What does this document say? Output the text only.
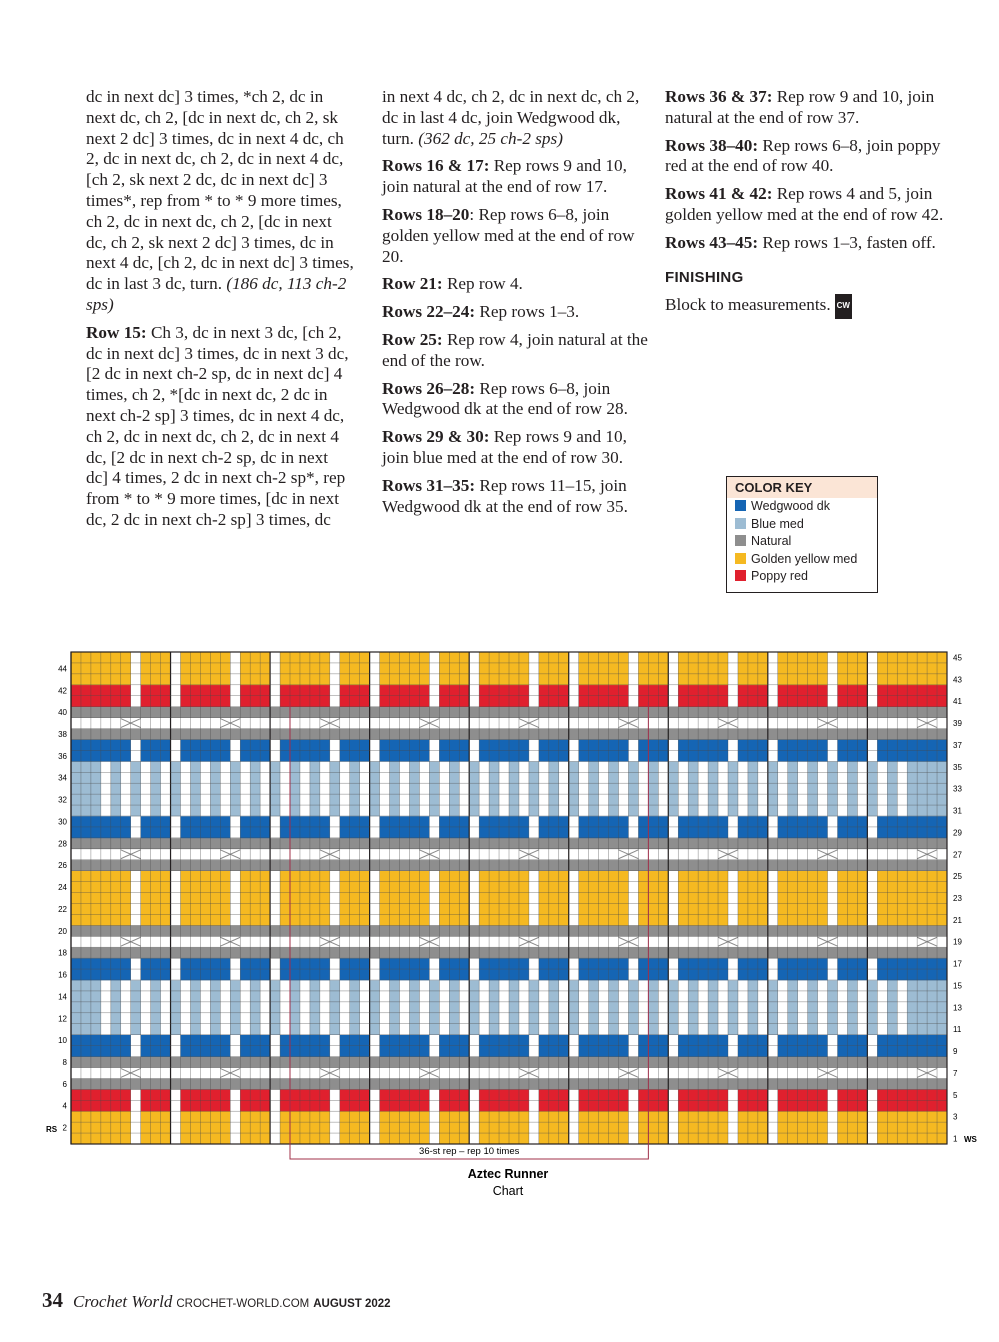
dc in next dc] 3 times, *ch 2, dc in next dc, ch 2, [dc in next dc, ch 2, sk next 2 dc] 3 times, dc in next 4 dc, ch 2, dc in next dc, ch 2, dc in next 4 dc, [ch 2, sk next 2 dc, dc in next dc] 3 times*, rep from * to * 9 more times, ch 2, dc in next dc, ch 2, [dc in next dc, ch 2, sk next 2 dc] 3 times, dc in next 4 dc, [ch 2, dc in next dc] 3 times, dc in last 3 dc, turn. (186 dc, 113 ch-2 sps)

Row 15: Ch 3, dc in next 3 dc, [ch 2, dc in next dc] 3 times, dc in next 3 dc, [2 dc in next ch-2 sp, dc in next dc] 4 times, ch 2, *[dc in next dc, 2 dc in next ch-2 sp] 3 times, dc in next 4 dc, ch 2, dc in next dc, ch 2, dc in next 4 dc, [2 dc in next ch-2 sp, dc in next dc] 4 times, 2 dc in next ch-2 sp*, rep from * to * 9 more times, [dc in next dc, 2 dc in next ch-2 sp] 3 times, dc

in next 4 dc, ch 2, dc in next dc, ch 2, dc in last 4 dc, join Wedgwood dk, turn. (362 dc, 25 ch-2 sps)

Rows 16 & 17: Rep rows 9 and 10, join natural at the end of row 17.

Rows 18–20: Rep rows 6–8, join golden yellow med at the end of row 20.

Row 21: Rep row 4.

Rows 22–24: Rep rows 1–3.

Row 25: Rep row 4, join natural at the end of the row.

Rows 26–28: Rep rows 6–8, join Wedgwood dk at the end of row 28.

Rows 29 & 30: Rep rows 9 and 10, join blue med at the end of row 30.

Rows 31–35: Rep rows 11–15, join Wedgwood dk at the end of row 35.

Rows 36 & 37: Rep row 9 and 10, join natural at the end of row 37.

Rows 38–40: Rep rows 6–8, join poppy red at the end of row 40.

Rows 41 & 42: Rep rows 4 and 5, join golden yellow med at the end of row 42.

Rows 43–45: Rep rows 1–3, fasten off.

FINISHING

Block to measurements. CW

COLOR KEY
Wedgwood dk
Blue med
Natural
Golden yellow med
Poppy red
2
4
6
8
10
12
14
16
18
20
22
24
26
28
30
32
34
36
38
40
42
44
1
3
5
7
9
11
13
15
17
19
21
23
25
27
29
31
33
35
37
39
41
43
45
RS
WS
36-st rep – rep 10 times
Aztec Runner
Chart
34 Crochet World CROCHET-WORLD.COM AUGUST 2022
